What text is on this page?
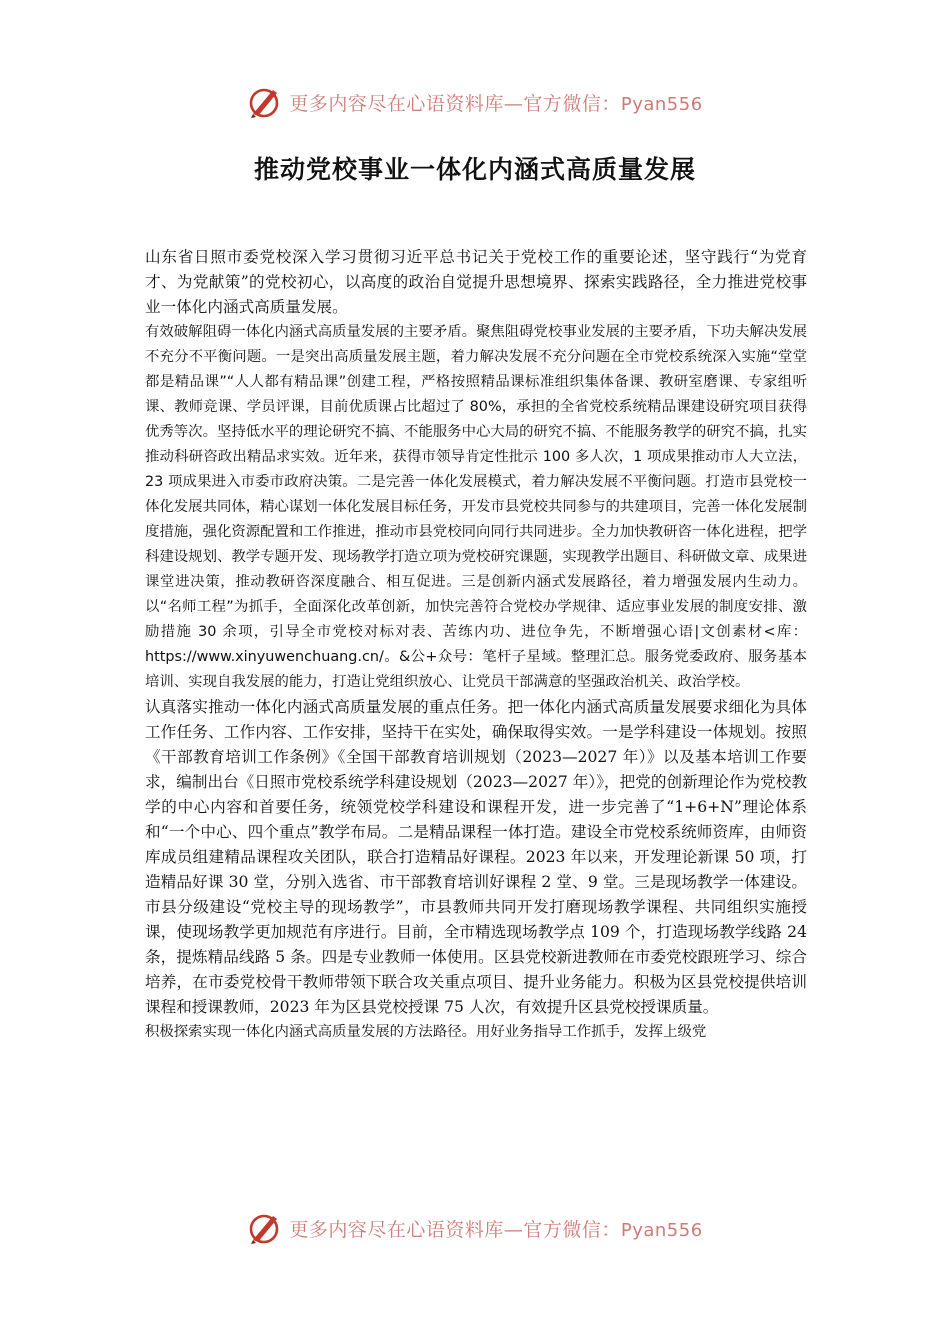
更多内容尽在心语资料库—官方微信：Pyan556
推动党校事业一体化内涵式高质量发展

山东省日照市委党校深入学习贯彻习近平总书记关于党校工作的重要论述，坚守践行“为党育才、为党献策”的党校初心，以高度的政治自觉提升思想境界、探索实践路径，全力推进党校事业一体化内涵式高质量发展。

有效破解阻碍一体化内涵式高质量发展的主要矛盾。聚焦阻碍党校事业发展的主要矛盾，下功夫解决发展不充分不平衡问题。一是突出高质量发展主题，着力解决发展不充分问题在全市党校系统深入实施“堂堂都是精品课”“人人都有精品课”创建工程，严格按照精品课标准组织集体备课、教研室磨课、专家组听课、教师竞课、学员评课，目前优质课占比超过了 80%，承担的全省党校系统精品课建设研究项目获得优秀等次。坚持低水平的理论研究不搞、不能服务中心大局的研究不搞、不能服务教学的研究不搞，扎实推动科研咨政出精品求实效。近年来，获得市领导肯定性批示 100 多人次，1 项成果推动市人大立法，23 项成果进入市委市政府决策。二是完善一体化发展模式，着力解决发展不平衡问题。打造市县党校一体化发展共同体，精心谋划一体化发展目标任务，开发市县党校共同参与的共建项目，完善一体化发展制度措施，强化资源配置和工作推进，推动市县党校同向同行共同进步。全力加快教研咨一体化进程，把学科建设规划、教学专题开发、现场教学打造立项为党校研究课题，实现教学出题目、科研做文章、成果进课堂进决策，推动教研咨深度融合、相互促进。三是创新内涵式发展路径，着力增强发展内生动力。以“名师工程”为抓手，全面深化改革创新，加快完善符合党校办学规律、适应事业发展的制度安排、激励措施 30 余项，引导全市党校对标对表、苦练内功、进位争先，不断增强心语|文创素材<库：https://www.xinyuwenchuang.cn/。&公+众号：笔杆子星域。整理汇总。服务党委政府、服务基本培训、实现自我发展的能力，打造让党组织放心、让党员干部满意的坚强政治机关、政治学校。

认真落实推动一体化内涵式高质量发展的重点任务。把一体化内涵式高质量发展要求细化为具体工作任务、工作内容、工作安排，坚持干在实处，确保取得实效。一是学科建设一体规划。按照《干部教育培训工作条例》《全国干部教育培训规划（2023—2027 年）》以及基本培训工作要求，编制出台《日照市党校系统学科建设规划（2023—2027 年）》，把党的创新理论作为党校教学的中心内容和首要任务，统领党校学科建设和课程开发，进一步完善了“1+6+N”理论体系和“一个中心、四个重点”教学布局。二是精品课程一体打造。建设全市党校系统师资库，由师资库成员组建精品课程攻关团队，联合打造精品好课程。2023 年以来，开发理论新课 50 项，打造精品好课 30 堂，分别入选省、市干部教育培训好课程 2 堂、9 堂。三是现场教学一体建设。市县分级建设“党校主导的现场教学”，市县教师共同开发打磨现场教学课程、共同组织实施授课，使现场教学更加规范有序进行。目前，全市精选现场教学点 109 个，打造现场教学线路 24 条，提炼精品线路 5 条。四是专业教师一体使用。区县党校新进教师在市委党校跟班学习、综合培养，在市委党校骨干教师带领下联合攻关重点项目、提升业务能力。积极为区县党校提供培训课程和授课教师，2023 年为区县党校授课 75 人次，有效提升区县党校授课质量。

积极探索实现一体化内涵式高质量发展的方法路径。用好业务指导工作抓手，发挥上级党

更多内容尽在心语资料库—官方微信：Pyan556
